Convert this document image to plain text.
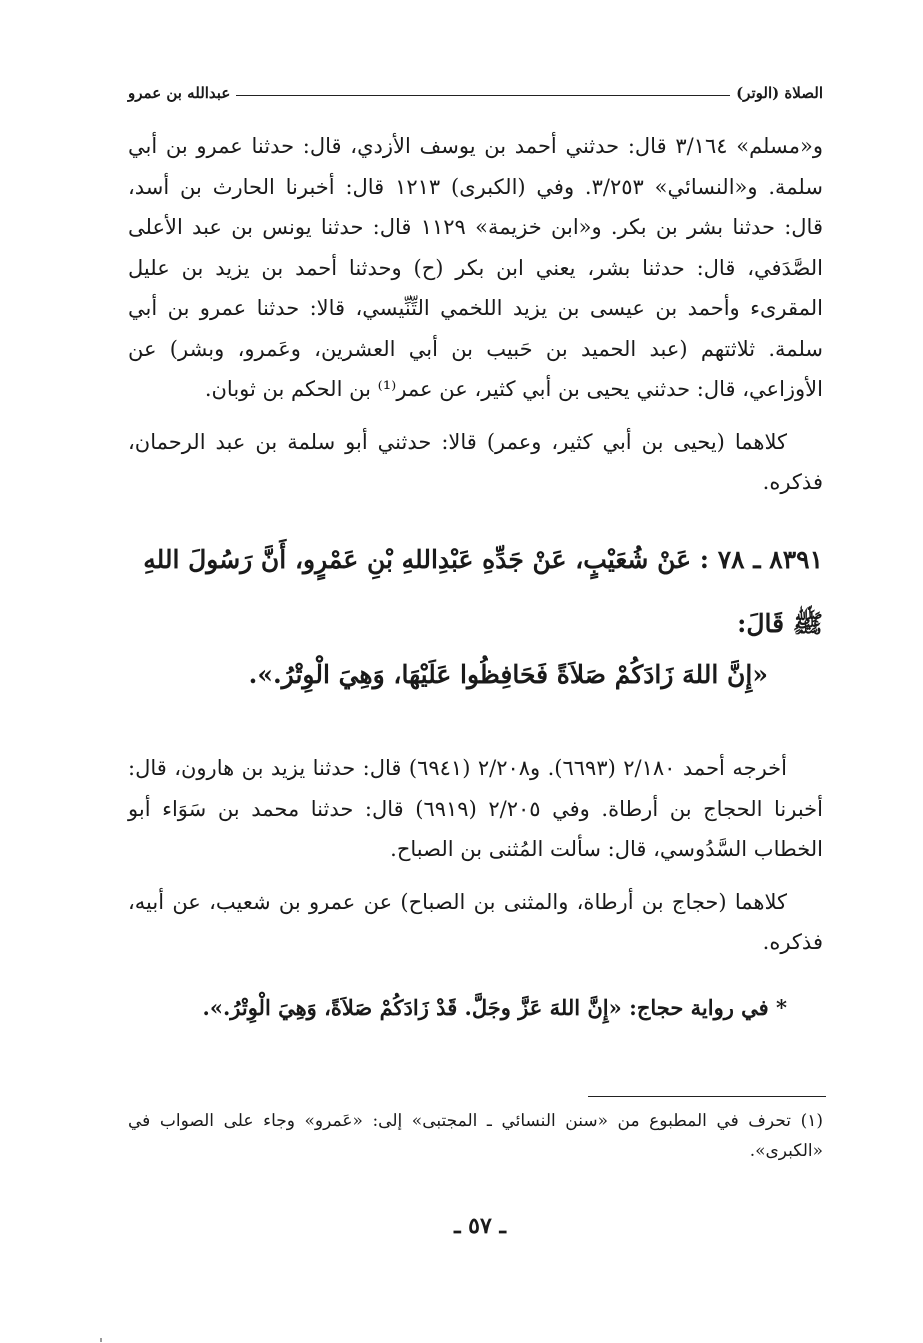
الصلاة (الوتر)
عبدالله بن عمرو

و«مسلم» ٣/١٦٤ قال: حدثني أحمد بن يوسف الأزدي، قال: حدثنا عمرو بن أبي سلمة. و«النسائي» ٣/٢٥٣. وفي (الكبرى) ١٢١٣ قال: أخبرنا الحارث بن أسد، قال: حدثنا بشر بن بكر. و«ابن خزيمة» ١١٢٩ قال: حدثنا يونس بن عبد الأعلى الصَّدَفي، قال: حدثنا بشر، يعني ابن بكر (ح) وحدثنا أحمد بن يزيد بن عليل المقرىء وأحمد بن عيسى بن يزيد اللخمي التِّنِّيسي، قالا: حدثنا عمرو بن أبي سلمة. ثلاثتهم (عبد الحميد بن حَبيب بن أبي العشرين، وعَمرو، وبشر) عن الأوزاعي، قال: حدثني يحيى بن أبي كثير، عن عمر⁽¹⁾ بن الحكم بن ثوبان.

كلاهما (يحيى بن أبي كثير، وعمر) قالا: حدثني أبو سلمة بن عبد الرحمان، فذكره.

٨٣٩١ ـ ٧٨ : عَنْ شُعَيْبٍ، عَنْ جَدِّهِ عَبْدِاللهِ بْنِ عَمْرٍو، أَنَّ رَسُولَ اللهِ ﷺ قَالَ:

«إِنَّ اللهَ زَادَكُمْ صَلاَةً فَحَافِظُوا عَلَيْهَا، وَهِيَ الْوِتْرُ.».

أخرجه أحمد ٢/١٨٠ (٦٦٩٣). و٢/٢٠٨ (٦٩٤١) قال: حدثنا يزيد بن هارون، قال: أخبرنا الحجاج بن أرطاة. وفي ٢/٢٠٥ (٦٩١٩) قال: حدثنا محمد بن سَوَاء أبو الخطاب السَّدُوسي، قال: سألت المُثنى بن الصباح.

كلاهما (حجاج بن أرطاة، والمثنى بن الصباح) عن عمرو بن شعيب، عن أبيه، فذكره.

* في رواية حجاج: «إِنَّ اللهَ عَزَّ وجَلَّ. قَدْ زَادَكُمْ صَلاَةً، وَهِيَ الْوِتْرُ.».

(١) تحرف في المطبوع من «سنن النسائي ـ المجتبى» إلى: «عَمرو» وجاء على الصواب في «الكبرى».

ـ ٥٧ ـ
